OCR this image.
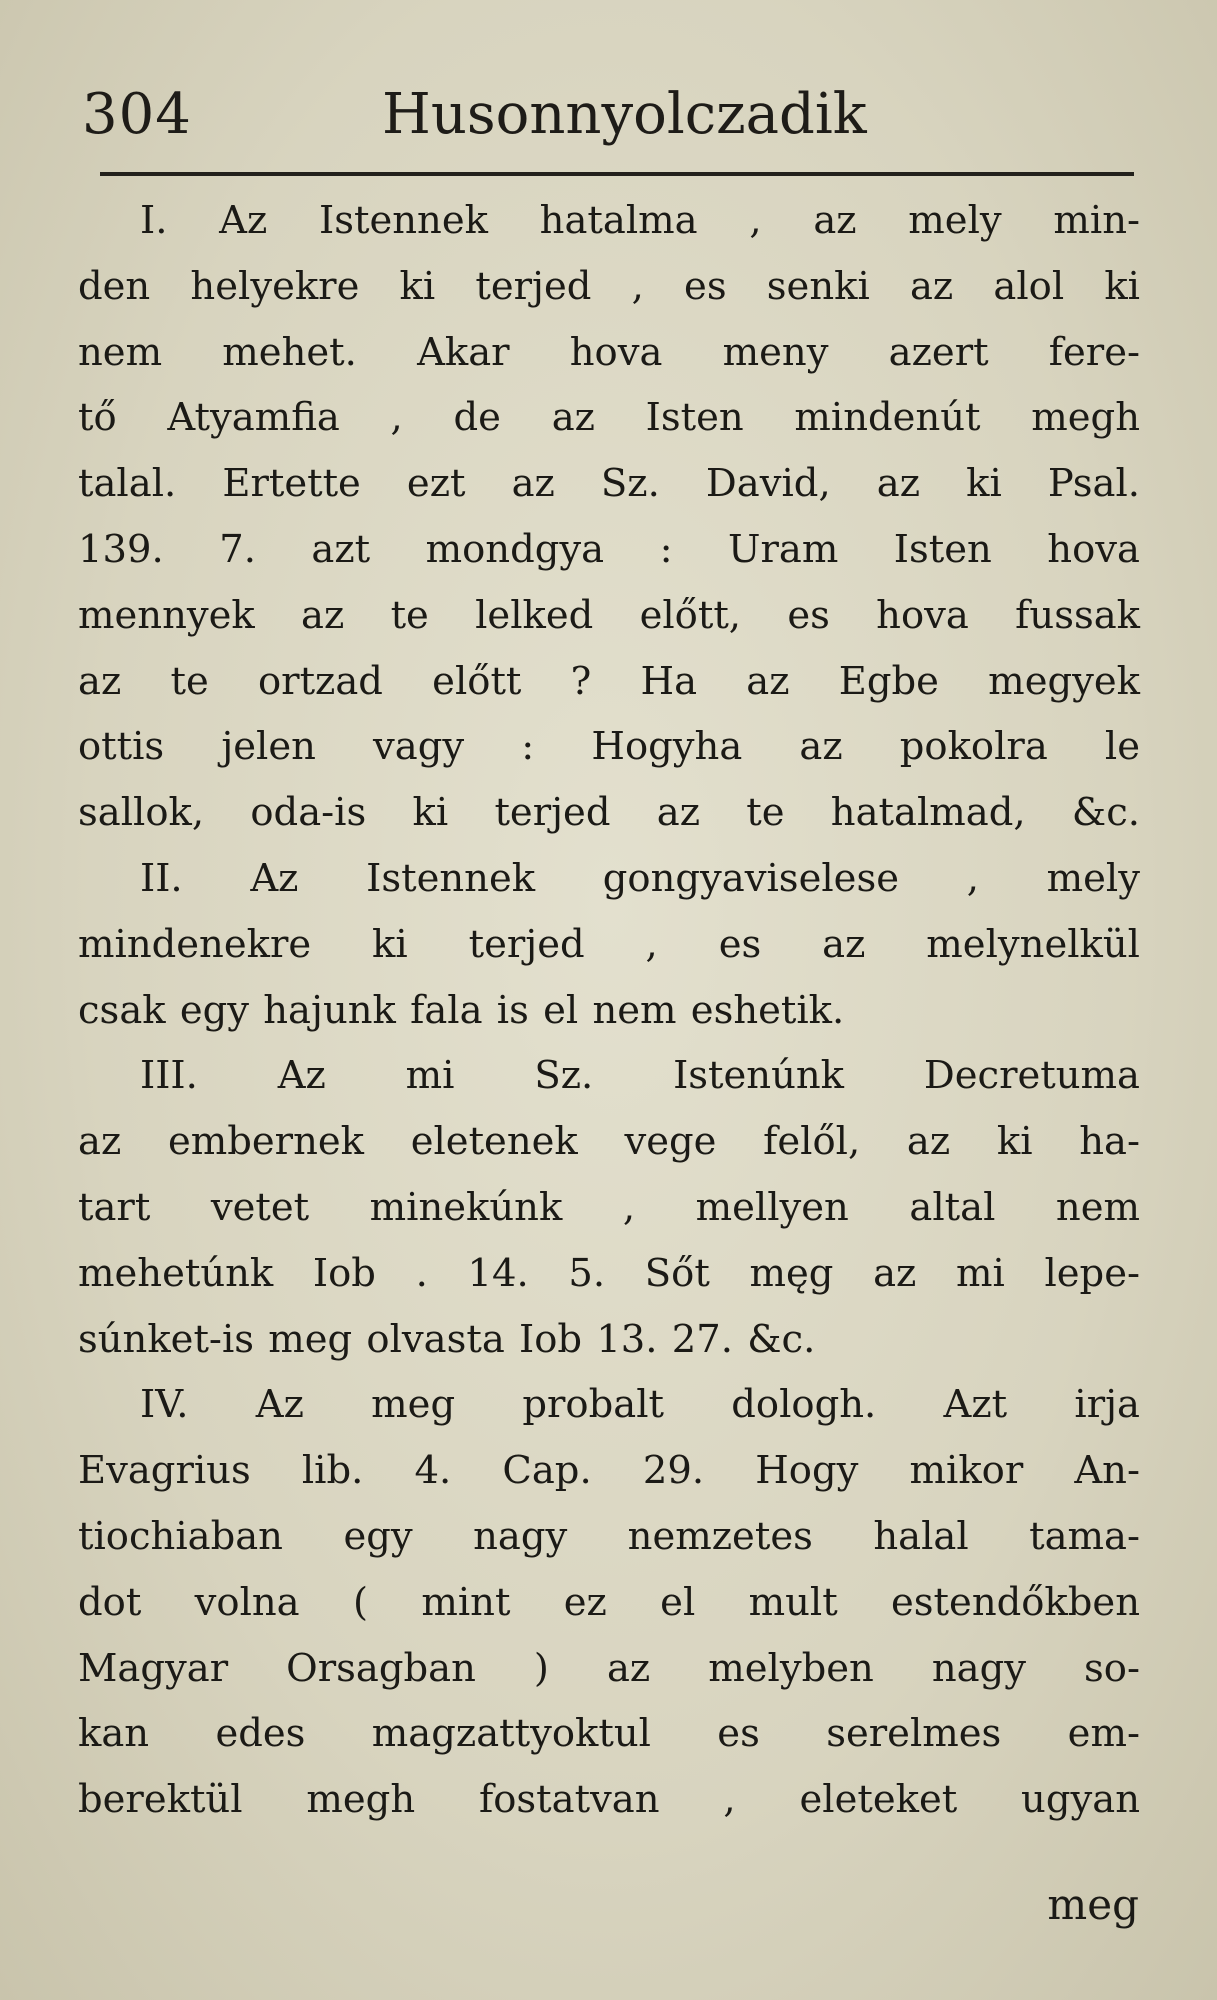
304	Husonnyolczadik
I. Az Istennek hatalma , az mely min-
den helyekre ki terjed , es senki az alol ki
nem mehet. Akar hova meny azert fere-
tő Atyamfia , de az Isten mindenút megh
talal. Ertette ezt az Sz. David, az ki Psal.
139. 7. azt mondgya : Uram Isten hova
mennyek az te lelked előtt, es hova fussak
az te ortzad előtt ? Ha az Egbe megyek
ottis jelen vagy : Hogyha az pokolra le
sallok, oda-is ki terjed az te hatalmad, &c.
II. Az Istennek gongyaviselese , mely
mindenekre ki terjed , es az melynelkül
csak egy hajunk fala is el nem eshetik.
III. Az mi Sz. Istenúnk Decretuma
az embernek eletenek vege felől, az ki ha-
tart vetet minekúnk , mellyen altal nem
mehetúnk Iob . 14. 5. Sőt męg az mi lepe-
súnket-is meg olvasta Iob 13. 27. &c.
IV. Az meg probalt dologh. Azt irja
Evagrius lib. 4. Cap. 29. Hogy mikor An-
tiochiaban egy nagy nemzetes halal tama-
dot volna ( mint ez el mult estendőkben
Magyar Orsagban ) az melyben nagy so-
kan edes magzattyoktul es serelmes em-
berektül megh fostatvan , eleteket ugyan
meg
